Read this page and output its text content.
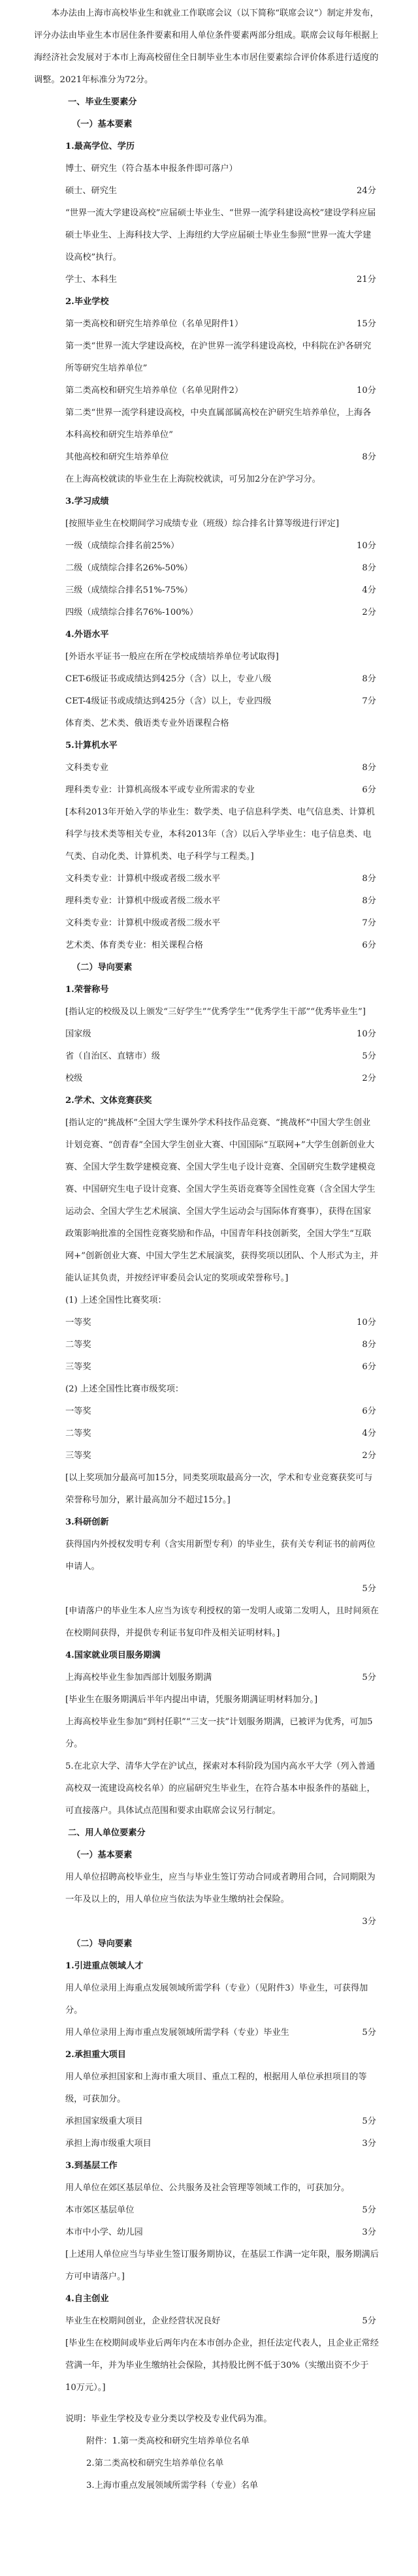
本办法由上海市高校毕业生和就业工作联席会议（以下简称“联席会议”）制定并发布，评分办法由毕业生本市居住条件要素和用人单位条件要素两部分组成。联席会议每年根据上海经济社会发展对于本市上海高校留住全日制毕业生本市居住要素综合评价体系进行适度的调整。2021年标准分为72分。

一、毕业生要素分

（一）基本要素

1.最高学位、学历

博士、研究生（符合基本申报条件即可落户）

硕士、研究生	24分

“世界一流大学建设高校”应届硕士毕业生、“世界一流学科建设高校”建设学科应届硕士毕业生、上海科技大学、上海纽约大学应届硕士毕业生参照“世界一流大学建设高校”执行。

学士、本科生	21分

2.毕业学校

第一类高校和研究生培养单位（名单见附件1）	15分

第一类“世界一流大学建设高校，在沪世界一流学科建设高校，中科院在沪各研究所等研究生培养单位”

第二类高校和研究生培养单位（名单见附件2）	10分

第二类“世界一流学科建设高校，中央直属部属高校在沪研究生培养单位，上海各本科高校和研究生培养单位”

其他高校和研究生培养单位	8分

在上海高校就读的毕业生在上海院校就读，可另加2分在沪学习分。

3.学习成绩

[按照毕业生在校期间学习成绩专业（班级）综合排名计算等级进行评定]

一级（成绩综合排名前25%）	10分

二级（成绩综合排名26%-50%）	8分

三级（成绩综合排名51%-75%）	4分

四级（成绩综合排名76%-100%）	2分

4.外语水平

[外语水平证书一般应在所在学校成绩培养单位考试取得]

CET-6级证书或成绩达到425分（含）以上，专业八级	8分

CET-4级证书或成绩达到425分（含）以上，专业四级	7分

体育类、艺术类、俄语类专业外语课程合格

5.计算机水平

文科类专业	8分

理科类专业：计算机高级本平或专业所需求的专业	6分

[本科2013年开始入学的毕业生：数学类、电子信息科学类、电气信息类、计算机科学与技术类等相关专业，本科2013年（含）以后入学毕业生：电子信息类、电气类、自动化类、计算机类、电子科学与工程类。]

文科类专业：计算机中级或者级二级水平	8分

理科类专业：计算机中级或者级二级水平	8分

文科类专业：计算机中级或者级二级水平	7分

艺术类、体育类专业：相关课程合格	6分

（二）导向要素

1.荣誉称号

[指认定的校级及以上颁发“三好学生”“优秀学生”“优秀学生干部”“优秀毕业生”]

国家级	10分

省（自治区、直辖市）级	5分

校级	2分

2.学术、文体竞赛获奖

[指认定的“挑战杯”全国大学生课外学术科技作品竞赛、“挑战杯”中国大学生创业计划竞赛、“创青春”全国大学生创业大赛、中国国际“互联网+”大学生创新创业大赛、全国大学生数学建模竞赛、全国大学生电子设计竞赛、全国研究生数学建模竞赛、中国研究生电子设计竞赛、全国大学生英语竞赛等全国性竞赛（含全国大学生运动会、全国大学生艺术展演、全国大学生运动会与国际体育赛事），获得在国家政策影响批准的全国性竞赛奖励和作品，中国青年科技创新奖，全国大学生“互联网+”创新创业大赛、中国大学生艺术展演奖，获得奖项以团队、个人形式为主，并能认证其负责，并按经评审委员会认定的奖项或荣誉称号。]

(1) 上述全国性比赛奖项：

一等奖	10分

二等奖	8分

三等奖	6分

(2) 上述全国性比赛市级奖项：

一等奖	6分

二等奖	4分

三等奖	2分

[以上奖项加分最高可加15分，同类奖项取最高分一次，学术和专业竞赛获奖可与荣誉称号加分，累计最高加分不超过15分。]

3.科研创新

获得国内外授权发明专利（含实用新型专利）的毕业生，获有关专利证书的前两位申请人。

5分

[申请落户的毕业生本人应当为该专利授权的第一发明人或第二发明人，且时间须在在校期间获得，并提供专利证书复印件及相关证明材料。]

4.国家就业项目服务期满

上海高校毕业生参加西部计划服务期满	5分

[毕业生在服务期满后半年内提出申请，凭服务期满证明材料加分。]

上海高校毕业生参加“到村任职”“三支一扶”计划服务期满，已被评为优秀，可加5分。

5.在北京大学、清华大学在沪试点，探索对本科阶段为国内高水平大学（列入普通高校双一流建设高校名单）的应届研究生毕业生，在符合基本申报条件的基础上，可直接落户。具体试点范围和要求由联席会议另行制定。

二、用人单位要素分

（一）基本要素

用人单位招聘高校毕业生，应当与毕业生签订劳动合同或者聘用合同，合同期限为一年及以上的，用人单位应当依法为毕业生缴纳社会保险。

3分

（二）导向要素

1.引进重点领域人才

用人单位录用上海重点发展领域所需学科（专业）（见附件3）毕业生，可获得加分。

用人单位录用上海市重点发展领域所需学科（专业）毕业生	5分

2.承担重大项目

用人单位承担国家和上海市重大项目、重点工程的，根据用人单位承担项目的等级，可获加分。

承担国家级重大项目	5分

承担上海市级重大项目	3分

3.到基层工作

用人单位在郊区基层单位、公共服务及社会管理等领域工作的，可获加分。

本市郊区基层单位	5分

本市中小学、幼儿园	3分

[上述用人单位应当与毕业生签订服务期协议，在基层工作满一定年限，服务期满后方可申请落户。]

4.自主创业

毕业生在校期间创业，企业经营状况良好	5分

[毕业生在校期间或毕业后两年内在本市创办企业，担任法定代表人，且企业正常经营满一年，并为毕业生缴纳社会保险，其持股比例不低于30%（实缴出资不少于10万元）。]

说明：毕业生学校及专业分类以学校及专业代码为准。

附件：1.第一类高校和研究生培养单位名单

2.第二类高校和研究生培养单位名单

3.上海市重点发展领域所需学科（专业）名单
